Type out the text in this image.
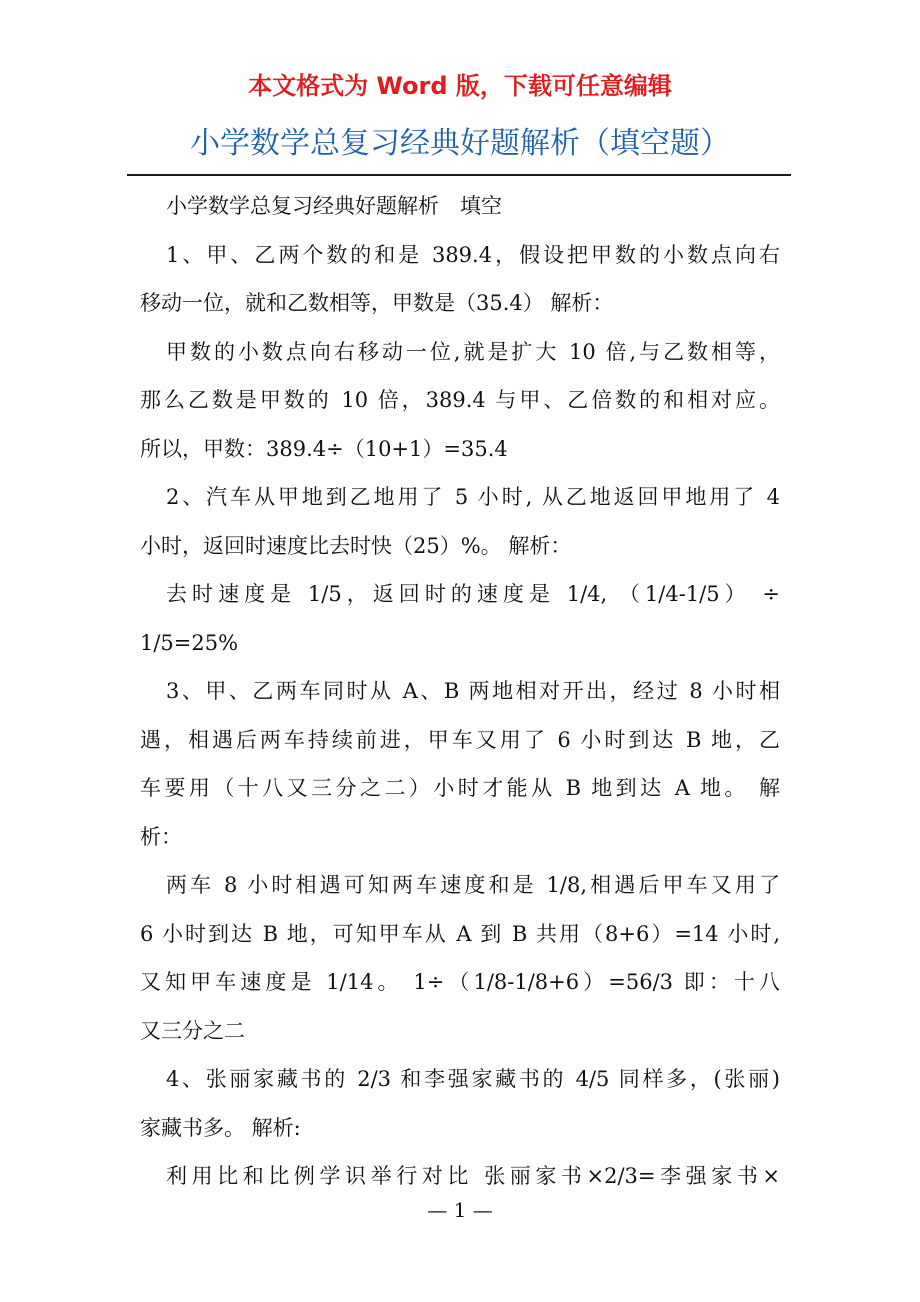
本文格式为 Word 版，下载可任意编辑
小学数学总复习经典好题解析（填空题）
小学数学总复习经典好题解析　填空
1、甲、乙两个数的和是 389.4，假设把甲数的小数点向右
移动一位，就和乙数相等，甲数是（35.4） 解析：
甲数的小数点向右移动一位,就是扩大 10 倍,与乙数相等，
那么乙数是甲数的 10 倍，389.4 与甲、乙倍数的和相对应。
所以，甲数：389.4÷（10+1）=35.4
2、汽车从甲地到乙地用了 5 小时, 从乙地返回甲地用了 4
小时，返回时速度比去时快（25）%。 解析：
去时速度是 1/5，返回时的速度是 1/4, （1/4-1/5） ÷
1/5=25%
3、甲、乙两车同时从 A、B 两地相对开出，经过 8 小时相
遇，相遇后两车持续前进，甲车又用了 6 小时到达 B 地，乙
车要用（十八又三分之二）小时才能从 B 地到达 A 地。 解
析：
两车 8 小时相遇可知两车速度和是 1/8,相遇后甲车又用了
6 小时到达 B 地，可知甲车从 A 到 B 共用（8+6）=14 小时,
又知甲车速度是 1/14。 1÷（1/8-1/8+6）=56/3 即：十八
又三分之二
4、张丽家藏书的 2/3 和李强家藏书的 4/5 同样多，(张丽)
家藏书多。 解析:
利用比和比例学识举行对比 张丽家书×2/3=李强家书×
— 1 —
